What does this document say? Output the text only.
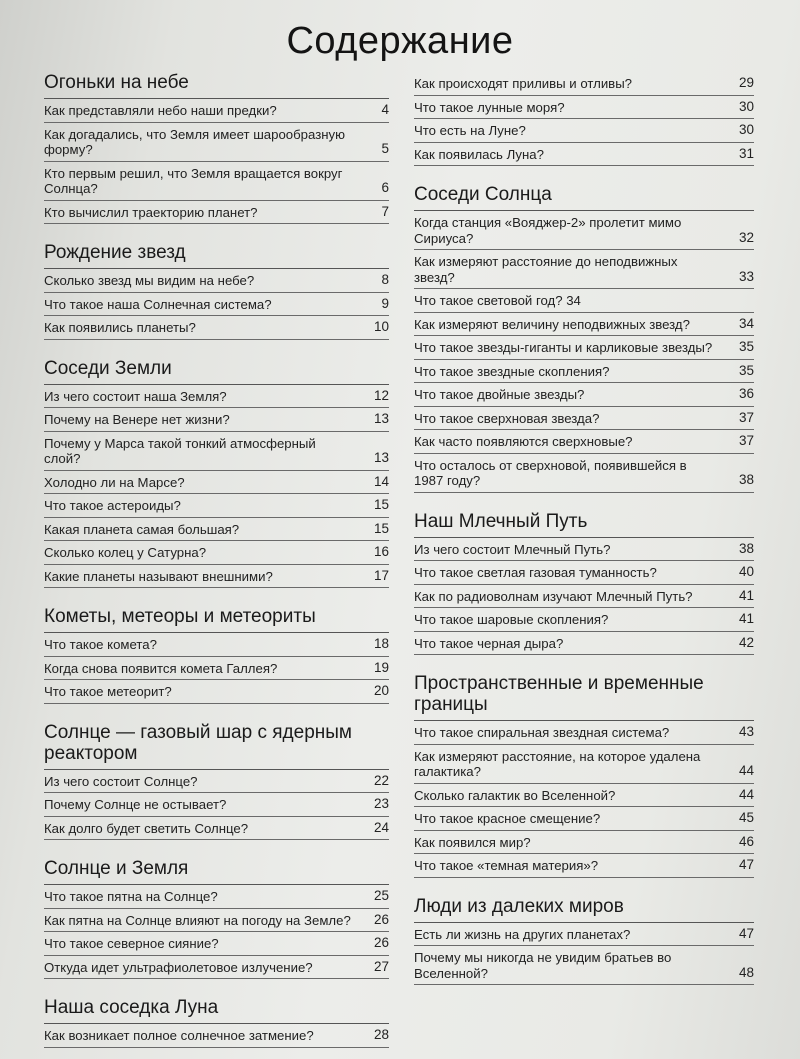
Содержание
Огоньки на небе
Как представляли небо наши предки?	4
Как догадались, что Земля имеет шарообразную форму?	5
Кто первым решил, что Земля вращается вокруг Солнца?	6
Кто вычислил траекторию планет?	7
Рождение звезд
Сколько звезд мы видим на небе?	8
Что такое наша Солнечная система?	9
Как появились планеты?	10
Соседи Земли
Из чего состоит наша Земля?	12
Почему на Венере нет жизни?	13
Почему у Марса такой тонкий атмосферный слой?	13
Холодно ли на Марсе?	14
Что такое астероиды?	15
Какая планета самая большая?	15
Сколько колец у Сатурна?	16
Какие планеты называют внешними?	17
Кометы, метеоры и метеориты
Что такое комета?	18
Когда снова появится комета Галлея?	19
Что такое метеорит?	20
Солнце — газовый шар с ядерным реактором
Из чего состоит Солнце?	22
Почему Солнце не остывает?	23
Как долго будет светить Солнце?	24
Солнце и Земля
Что такое пятна на Солнце?	25
Как пятна на Солнце влияют на погоду на Земле? 26
Что такое северное сияние?	26
Откуда идет ультрафиолетовое излучение?	27
Наша соседка Луна
Как возникает полное солнечное затмение?	28
Как происходят приливы и отливы?	29
Что такое лунные моря?	30
Что есть на Луне?	30
Как появилась Луна?	31
Соседи Солнца
Когда станция «Вояджер-2» пролетит мимо Сириуса?	32
Как измеряют расстояние до неподвижных звезд?	33
Что такое световой год? 34
Как измеряют величину неподвижных звезд?	34
Что такое звезды-гиганты и карликовые звезды?	35
Что такое звездные скопления?	35
Что такое двойные звезды?	36
Что такое сверхновая звезда?	37
Как часто появляются сверхновые?	37
Что осталось от сверхновой, появившейся в 1987 году?	38
Наш Млечный Путь
Из чего состоит Млечный Путь?	38
Что такое светлая газовая туманность?	40
Как по радиоволнам изучают Млечный Путь?	41
Что такое шаровые скопления?	41
Что такое черная дыра?	42
Пространственные и временные границы
Что такое спиральная звездная система?	43
Как измеряют расстояние, на которое удалена галактика?	44
Сколько галактик во Вселенной?	44
Что такое красное смещение?	45
Как появился мир?	46
Что такое «темная материя»?	47
Люди из далеких миров
Есть ли жизнь на других планетах?	47
Почему мы никогда не увидим братьев во Вселенной?	48
